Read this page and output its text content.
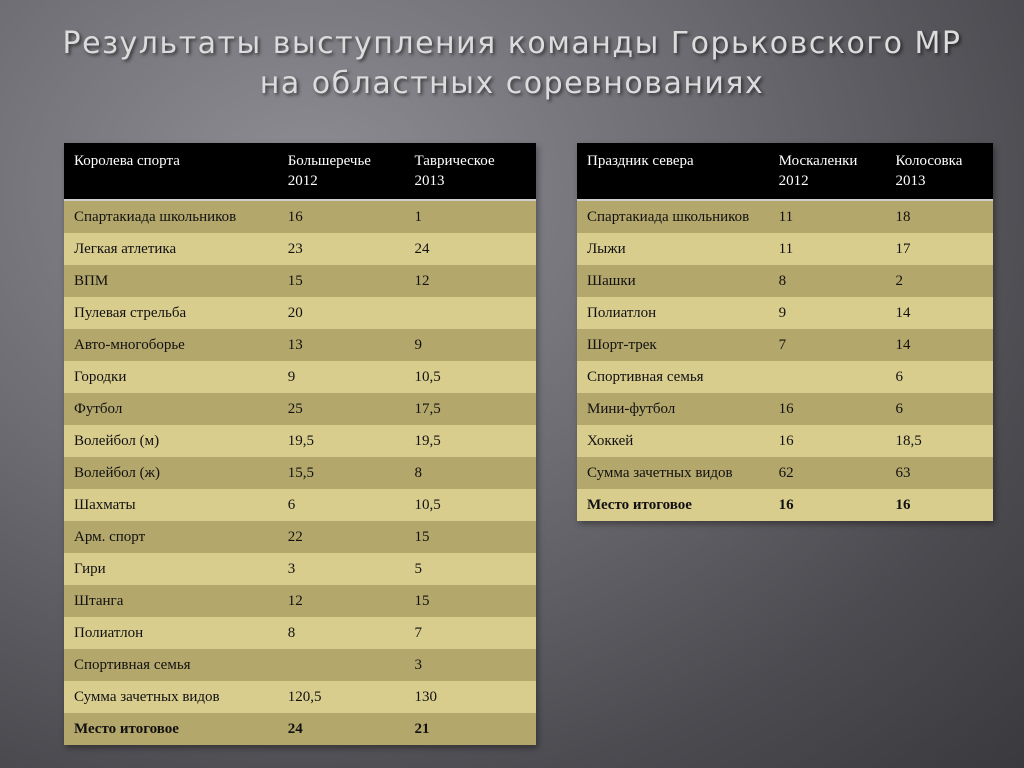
Результаты выступления команды Горьковского МР
на областных соревнованиях
Королева спорта	Большеречье 2012	Таврическое 2013
Спартакиада школьников	16	1
Легкая атлетика	23	24
ВПМ	15	12
Пулевая стрельба	20	
Авто-многоборье	13	9
Городки	9	10,5
Футбол	25	17,5
Волейбол (м)	19,5	19,5
Волейбол (ж)	15,5	8
Шахматы	6	10,5
Арм. спорт	22	15
Гири	3	5
Штанга	12	15
Полиатлон	8	7
Спортивная семья		3
Сумма зачетных видов	120,5	130
Место итоговое	24	21
Праздник севера	Москаленки 2012	Колосовка 2013
Спартакиада школьников	11	18
Лыжи	11	17
Шашки	8	2
Полиатлон	9	14
Шорт-трек	7	14
Спортивная семья		6
Мини-футбол	16	6
Хоккей	16	18,5
Сумма зачетных видов	62	63
Место итоговое	16	16
